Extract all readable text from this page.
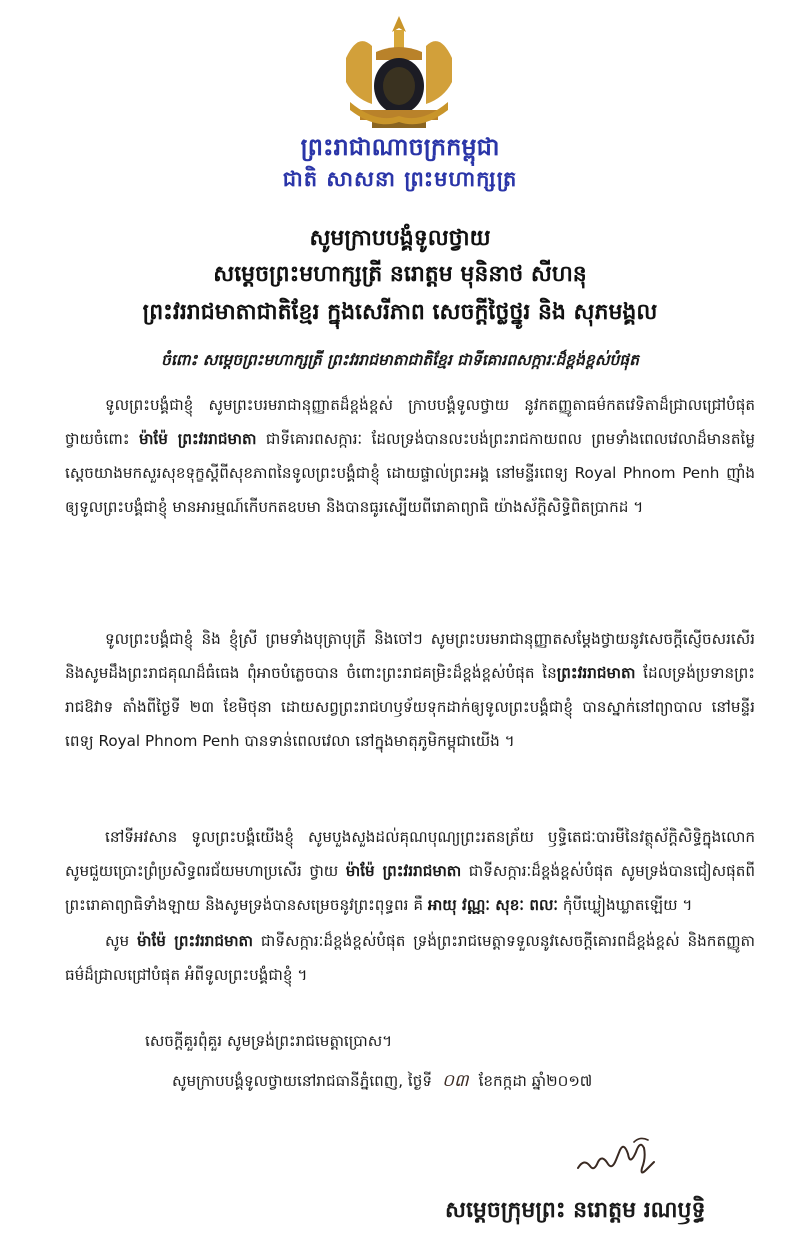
ព្រះរាជាណាចក្រកម្ពុជា
ជាតិ សាសនា ព្រះមហាក្សត្រ
សូមក្រាបបង្គំទូលថ្វាយ
សម្តេចព្រះមហាក្សត្រី នរោត្តម មុនិនាថ សីហនុ
ព្រះវររាជមាតាជាតិខ្មែរ ក្នុងសេរីភាព សេចក្តីថ្លៃថ្នូរ និង សុភមង្គល
ចំពោះ សម្តេចព្រះមហាក្សត្រី ព្រះវររាជមាតាជាតិខ្មែរ ជាទីគោរពសក្ការៈដ៏ខ្ពង់ខ្ពស់បំផុត

ទូលព្រះបង្គំជាខ្ញុំ សូមព្រះបរមរាជានុញ្ញាតដ៏ខ្ពង់ខ្ពស់ ក្រាបបង្គំទូលថ្វាយ នូវកតញ្ញូតាធម៌កតវេទិតាដ៏ជ្រាលជ្រៅបំផុត ថ្វាយចំពោះ ម៉ាម៉ែ ព្រះវររាជមាតា ជាទីគោរពសក្ការៈ ដែលទ្រង់បានលះបង់ព្រះរាជកាយពល ព្រមទាំងពេលវេលាដ៏មានតម្លៃ ស្តេចយាងមកសួរសុខទុក្ខស្តីពីសុខភាពនៃទូលព្រះបង្គំជាខ្ញុំ ដោយផ្ទាល់ព្រះអង្គ នៅមន្ទីរពេទ្យ Royal Phnom Penh ញ៉ាំងឲ្យទូលព្រះបង្គំជាខ្ញុំ មានអារម្មណ៍កើបកតឧបមា និងបានធូរស្បើយពីរោគាព្យាធិ យ៉ាងស័ក្តិសិទ្ធិពិតប្រាកដ ។

ទូលព្រះបង្គំជាខ្ញុំ និង ខ្ញុំស្រី ព្រមទាំងបុត្រាបុត្រី និងចៅៗ សូមព្រះបរមរាជានុញ្ញាតសម្តែងថ្វាយនូវសេចក្តីស្ញើចសរសើរ និងសូមដឹងព្រះរាជគុណដ៏ធំធេង ពុំអាចបំភ្លេចបាន ចំពោះព្រះរាជគម្រិះដ៏ខ្ពង់ខ្ពស់បំផុត នៃព្រះវររាជមាតា ដែលទ្រង់ប្រទានព្រះរាជឱវាទ តាំងពីថ្ងៃទី ២៣ ខែមិថុនា ដោយសព្វព្រះរាជហឫទ័យទុកដាក់ឲ្យទូលព្រះបង្គំជាខ្ញុំ បានស្នាក់នៅព្យាបាល នៅមន្ទីរពេទ្យ Royal Phnom Penh បានទាន់ពេលវេលា នៅក្នុងមាតុភូមិកម្ពុជាយើង ។

នៅទីអវសាន ទូលព្រះបង្គំយើងខ្ញុំ សូមបួងសួងដល់គុណបុណ្យព្រះរតនត្រ័យ ឫទ្ធិតេជៈបារមីនៃវត្ថុស័ក្តិសិទ្ធិក្នុងលោក សូមជួយប្រោះព្រំប្រសិទ្ធពរជ័យមហាប្រសើរ ថ្វាយ ម៉ាម៉ែ ព្រះវររាជមាតា ជាទីសក្ការៈដ៏ខ្ពង់ខ្ពស់បំផុត សូមទ្រង់បានជៀសផុតពីព្រះរោគាព្យាធិទាំងឡាយ និងសូមទ្រង់បានសម្រេចនូវព្រះពុទ្ធពរ គឺ អាយុ វណ្ណៈ សុខៈ ពលៈ កុំបីឃ្លៀងឃ្លាតឡើយ ។

សូម ម៉ាម៉ែ ព្រះវររាជមាតា ជាទីសក្ការៈដ៏ខ្ពង់ខ្ពស់បំផុត ទ្រង់ព្រះរាជមេត្តាទទួលនូវសេចក្តីគោរពដ៏ខ្ពង់ខ្ពស់ និងកតញ្ញូតាធម៌ដ៏ជ្រាលជ្រៅបំផុត អំពីទូលព្រះបង្គំជាខ្ញុំ ។

សេចក្តីគួរពុំគួរ សូមទ្រង់ព្រះរាជមេត្តាប្រោស។
សូមក្រាបបង្គំទូលថ្វាយនៅរាជធានីភ្នំពេញ, ថ្ងៃទី ០៣ ខែកក្កដា ឆ្នាំ២០១៧
សម្តេចក្រុមព្រះ នរោត្តម រណឫទ្ធិ
